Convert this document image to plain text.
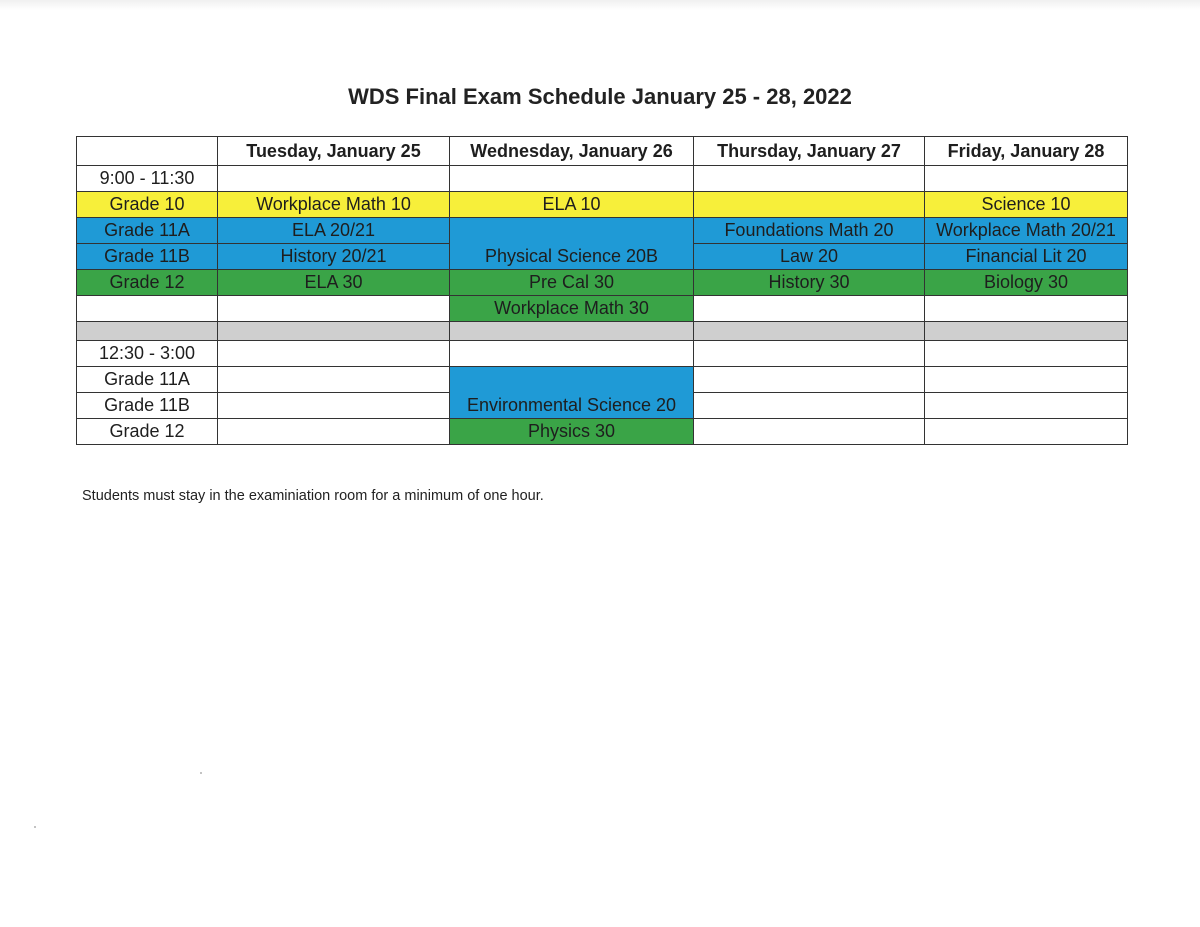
WDS Final Exam Schedule January 25 - 28, 2022
	Tuesday, January 25	Wednesday, January 26	Thursday, January 27	Friday, January 28
9:00 - 11:30				
Grade 10	Workplace Math 10	ELA 10		Science 10
Grade 11A	ELA 20/21	Physical Science 20B	Foundations Math 20	Workplace Math 20/21
Grade 11B	History 20/21		Law 20	Financial Lit 20
Grade 12	ELA 30	Pre Cal 30	History 30	Biology 30
		Workplace Math 30		

12:30 - 3:00				
Grade 11A		Environmental Science 20		
Grade 11B				
Grade 12		Physics 30		
Students must stay in the examiniation room for a minimum of one hour.
